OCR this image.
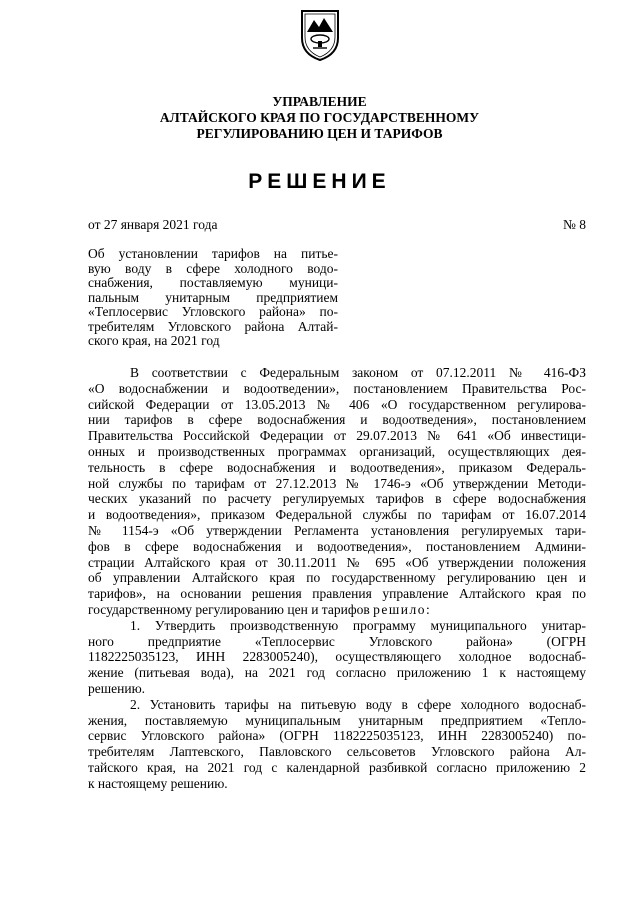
УПРАВЛЕНИЕ
АЛТАЙСКОГО КРАЯ ПО ГОСУДАРСТВЕННОМУ
РЕГУЛИРОВАНИЮ ЦЕН И ТАРИФОВ
РЕШЕНИЕ
от 27 января 2021 года	№ 8
Об установлении тарифов на питье-
вую воду в сфере холодного водо-
снабжения, поставляемую муници-
пальным унитарным предприятием
«Теплосервис Угловского района» по-
требителям Угловского района Алтай-
ского края, на 2021 год
В соответствии с Федеральным законом от 07.12.2011 № 416-ФЗ
«О водоснабжении и водоотведении», постановлением Правительства Рос-
сийской Федерации от 13.05.2013 № 406 «О государственном регулирова-
нии тарифов в сфере водоснабжения и водоотведения», постановлением
Правительства Российской Федерации от 29.07.2013 № 641 «Об инвестици-
онных и производственных программах организаций, осуществляющих дея-
тельность в сфере водоснабжения и водоотведения», приказом Федераль-
ной службы по тарифам от 27.12.2013 № 1746-э «Об утверждении Методи-
ческих указаний по расчету регулируемых тарифов в сфере водоснабжения
и водоотведения», приказом Федеральной службы по тарифам от 16.07.2014
№ 1154-э «Об утверждении Регламента установления регулируемых тари-
фов в сфере водоснабжения и водоотведения», постановлением Админи-
страции Алтайского края от 30.11.2011 № 695 «Об утверждении положения
об управлении Алтайского края по государственному регулированию цен и
тарифов», на основании решения правления управление Алтайского края по
государственному регулированию цен и тарифов решило:
1. Утвердить производственную программу муниципального унитар-
ного предприятие «Теплосервис Угловского района» (ОГРН
1182225035123, ИНН 2283005240), осуществляющего холодное водоснаб-
жение (питьевая вода), на 2021 год согласно приложению 1 к настоящему
решению.
2. Установить тарифы на питьевую воду в сфере холодного водоснаб-
жения, поставляемую муниципальным унитарным предприятием «Тепло-
сервис Угловского района» (ОГРН 1182225035123, ИНН 2283005240) по-
требителям Лаптевского, Павловского сельсоветов Угловского района Ал-
тайского края, на 2021 год с календарной разбивкой согласно приложению 2
к настоящему решению.
